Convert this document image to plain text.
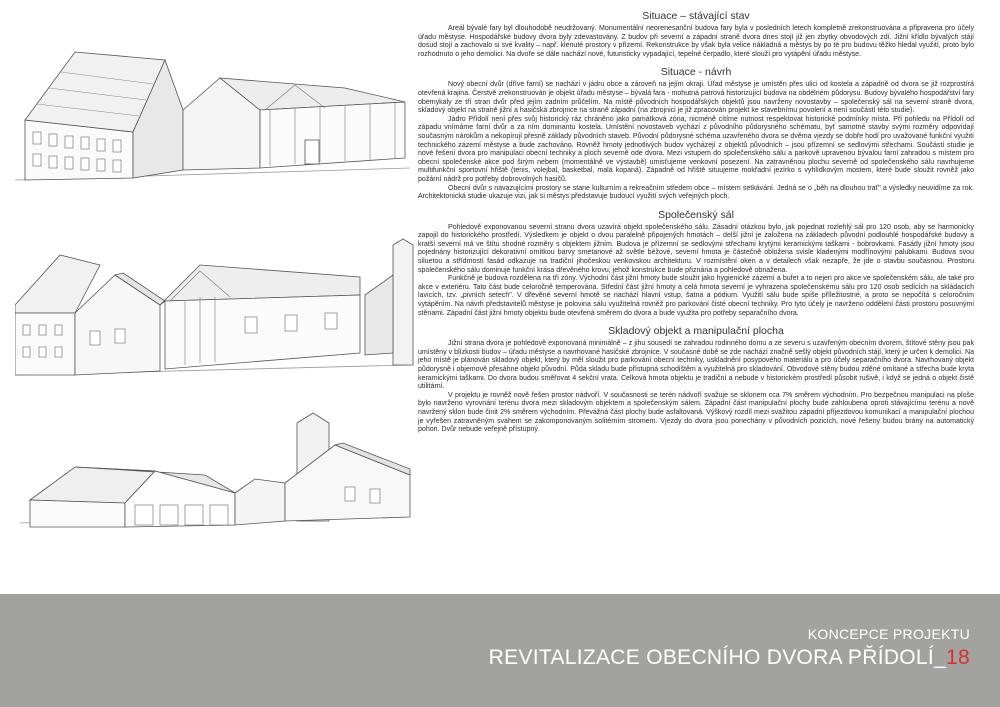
Situace – stávající stav

Areál bývalé fary byl dlouhodobě neudržovaný. Monumentální neorenesanční budova fary byla v posledních letech kompletně zrekonstruována a připravena pro účely úřadu městyse. Hospodářské budovy dvora byly zdevastovány. Z budov při severní a západní straně dvora dnes stojí již jen zbytky obvodových zdí. Jižní křídlo bývalých stájí dosud stojí a zachovalo si své kvality – např. klenuté prostory v přízemí. Rekonstrukce by však byla velice nákladná a městys by po té pro budovu těžko hledal využití, proto bylo rozhodnuto o jeho demolici. Na dvoře se dále nachází nové, futuristicky vypadající, tepelné čerpadlo, které slouží pro vytápění úřadu městyse.

Situace - návrh

Nový obecní dvůr (dříve farní) se nachází v jádru obce a zároveň na jejím okraji. Úřad městyse je umístěn přes ulici od kostela a západně od dvora se již rozprostírá otevřená krajina. Čerstvě zrekonstruován je objekt úřadu městyse – bývalá fara - mohutná patrová historizující budova na obdélném půdorysu. Budovy bývalého hospodářství fary obemykaly ze tří stran dvůr před jejím zadním průčelím. Na místě původních hospodářských objektů jsou navrženy novostavby – společenský sál na severní straně dvora, skladový objekt na straně jižní a hasičská zbrojnice na straně západní (na zbrojnici je již zpracován projekt ke stavebnímu povolení a není součástí této studie).

Jádro Přídolí není přes svůj historický ráz chráněno jako památková zóna, nicméně cítíme nutnost respektovat historické podmínky místa. Při pohledu na Přídolí od západu vnímáme farní dvůr a za ním dominantu kostela. Umístění novostaveb vychází z původního půdorysného schématu, byť samotné stavby svými rozměry odpovídají současným nárokům a nekopírují přesně základy původních staveb. Původní půdorysné schéma uzavřeného dvora se dvěma vjezdy se dobře hodí pro uvažované funkční využití technického zázemí městyse a bude zachováno. Rovněž hmoty jednotlivých budov vycházejí z objektů původních – jsou přízemní se sedlovými střechami. Součástí studie je nové řešení dvora pro manipulaci obecní techniky a ploch severně ode dvora. Mezi vstupem do společenského sálu a parkově upravenou bývalou farní zahradou s místem pro obecní společenské akce pod širým nebem (momentálně ve výstavbě) umisťujeme venkovní posezení. Na zatravněnou plochu severně od společenského sálu navrhujeme multifunkční sportovní hřiště (tenis, volejbal, basketbal, malá kopaná). Západně od hřiště situujeme mokřadní jezírko s vyhlídkovým mostem, které bude sloužit rovněž jako požární nádrž pro potřeby dobrovolných hasičů.

Obecní dvůr s navazujícími prostory se stane kulturním a rekreačním středem obce – místem setkávání. Jedná se o „běh na dlouhou trať" a výsledky neuvidíme za rok. Architektonická studie ukazuje vizi, jak si městys představuje budoucí využití svých veřejných ploch.

Společenský sál

Pohledově exponovanou severní stranu dvora uzavírá objekt společenského sálu. Zásadní otázkou bylo, jak pojednat rozlehlý sál pro 120 osob, aby se harmonicky zapojil do historického prostředí. Výsledkem je objekt o dvou paralelně připojených hmotách – delší jižní je založena na základech původní podlouhlé hospodářské budovy a kratší severní má ve štítu shodné rozměry s objektem jižním. Budova je přízemní se sedlovými střechami krytými keramickými taškami - bobrovkami. Fasády jižní hmoty jsou pojednány historizující dekorativní omítkou barvy smetanové až světle béžové, severní hmota je částečně obložena svisle kladenými modřínovými palubkami. Budova svou siluetou a střídmostí fasád odkazuje na tradiční jihočeskou venkovskou architekturu. V rozmístění oken a v detailech však nezapře, že jde o stavbu současnou. Prostoru společenského sálu dominuje funkční krása dřevěného krovu, jehož konstrukce bude přiznána a pohledově obnažena.

Funkčně je budova rozdělena na tři zóny. Východní část jižní hmoty bude sloužit jako hygienické zázemí a bufet a to nejen pro akce ve společenském sálu, ale také pro akce v exteriéru. Tato část bude celoročně temperována. Střední část jižní hmoty a celá hmota severní je vyhrazena společenskému sálu pro 120 osob sedících na skládacích lavicích, tzv. „pivních setech". V dřevěné severní hmotě se nachází hlavní vstup, šatna a pódium. Využití sálu bude spíše příležitostné, a proto se nepočítá s celoročním vytápěním. Na návrh představitelů městyse je polovina sálu využitelná rovněž pro parkování čisté obecní techniky. Pro tyto účely je navrženo oddělení části prostoru posuvnými stěnami. Západní část jižní hmoty objektu bude otevřená směrem do dvora a bude využita pro potřeby separačního dvora.

Skladový objekt a manipulační plocha

Jižní strana dvora je pohledově exponovaná minimálně – z jihu sousedí se zahradou rodinného domu a ze severu s uzavřeným obecním dvorem, štítové stěny jsou pak umístěny v blízkosti budov – úřadu městyse a navrhované hasičské zbrojnice. V současné době se zde nachází značně sešlý objekt původních stájí, který je určen k demolici. Na jeho místě je plánován skladový objekt, který by měl sloužit pro parkování obecní techniky, uskladnění posypového materiálu a pro účely separačního dvora. Navrhovaný objekt půdorysně i objemově přesáhne objekt původní. Půda skladu bude přístupná schodištěm a využitelná pro skladování. Obvodové stěny budou zděné omítané a střecha bude kryta keramickými taškami. Do dvora budou směřovat 4 sekční vrata. Celková hmota objektu je tradiční a nebude v historickém prostředí působit rušivě, i když se jedná o objekt čistě utilitární.

V projektu je rovněž nově řešen prostor nádvoří. V současnosti se terén nádvoří svažuje se sklonem cca 7% směrem východním. Pro bezpečnou manipulaci na ploše bylo navrženo vyrovnání terénu dvora mezi skladovým objektem a společenským sálem. Západní část manipulační plochy bude zahloubena oproti stávajícímu terénu a nově navržený sklon bude činit 2% směrem východním. Převážná část plochy bude asfaltovaná. Výškový rozdíl mezi svažitou západní příjezdovou komunikací a manipulační plochou je vyřešen zatravněným svahem se zakomponovaným solitérním stromem. Vjezdy do dvora jsou ponechány v původních pozicích, nové řešeny budou brány na automatický pohon. Dvůr nebude veřejně přístupný.

KONCEPCE PROJEKTU
REVITALIZACE OBECNÍHO DVORA PŘÍDOLÍ_18
